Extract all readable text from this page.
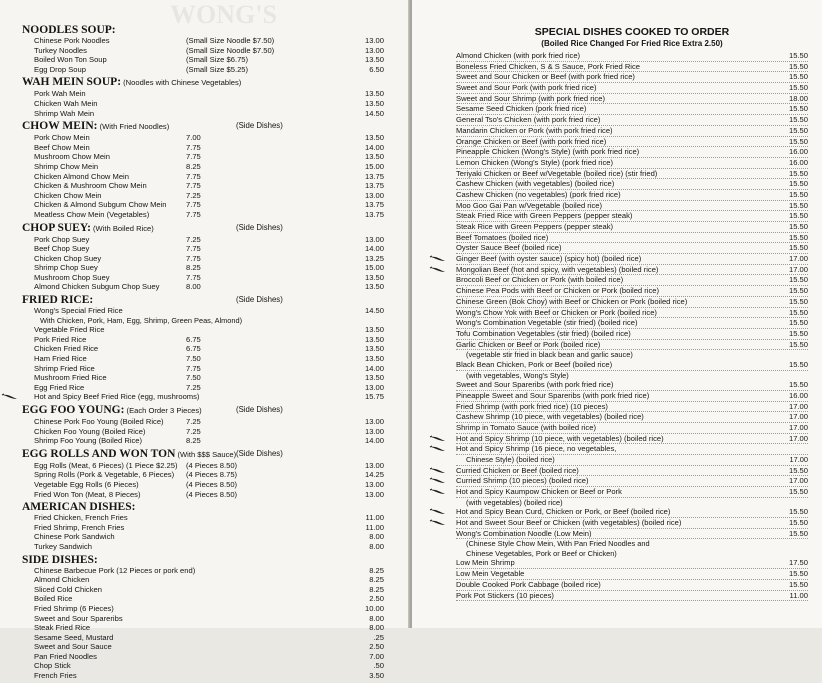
WONG'S
NOODLES SOUP:
Chinese Pork Noodles	(Small Size Noodle $7.50)	13.00
Turkey Noodles	(Small Size Noodle $7.50)	13.00
Boiled Won Ton Soup	(Small Size $6.75)	13.50
Egg Drop Soup	(Small Size $5.25)	6.50
WAH MEIN SOUP: (Noodles with Chinese Vegetables)
Pork Wah Mein	13.50
Chicken Wah Mein	13.50
Shrimp Wah Mein	14.50
CHOW MEIN: (With Fried Noodles)	(Side Dishes)
Pork Chow Mein	7.00	13.50
Beef Chow Mein	7.75	14.00
Mushroom Chow Mein	7.75	13.50
Shrimp Chow Mein	8.25	15.00
Chicken Almond Chow Mein	7.75	13.75
Chicken & Mushroom Chow Mein	7.75	13.75
Chicken Chow Mein	7.25	13.00
Chicken & Almond Subgum Chow Mein	7.75	13.75
Meatless Chow Mein (Vegetables)	7.75	13.75
CHOP SUEY: (With Boiled Rice)	(Side Dishes)
Pork Chop Suey	7.25	13.00
Beef Chop Suey	7.75	14.00
Chicken Chop Suey	7.75	13.25
Shrimp Chop Suey	8.25	15.00
Mushroom Chop Suey	7.75	13.50
Almond Chicken Subgum Chop Suey	8.00	13.50
FRIED RICE:	(Side Dishes)
Wong's Special Fried Rice	14.50
With Chicken, Pork, Ham, Egg, Shrimp, Green Peas, Almond)
Vegetable Fried Rice	13.50
Pork Fried Rice	6.75	13.50
Chicken Fried Rice	6.75	13.50
Ham Fried Rice	7.50	13.50
Shrimp Fried Rice	7.75	14.00
Mushroom Fried Rice	7.50	13.50
Egg Fried Rice	7.25	13.00
Hot and Spicy Beef Fried Rice (egg, mushrooms)	15.75
EGG FOO YOUNG: (Each Order 3 Pieces)	(Side Dishes)
Chinese Pork Foo Young (Boiled Rice)	7.25	13.00
Chicken Foo Young (Boiled Rice)	7.25	13.00
Shrimp Foo Young (Boiled Rice)	8.25	14.00
EGG ROLLS AND WON TON (With $$$ Sauce) (Side Dishes)
Egg Rolls (Meat, 6 Pieces) (1 Piece $2.25) (4 Pieces 8.50)	13.00
Spring Rolls (Pork & Vegetable, 6 Pieces) (4 Pieces 8.75)	14.25
Vegetable Egg Rolls (6 Pieces)	(4 Pieces 8.50)	13.00
Fried Won Ton (Meat, 8 Pieces)	(4 Pieces 8.50)	13.00
AMERICAN DISHES:
Fried Chicken, French Fries	11.00
Fried Shrimp, French Fries	11.00
Chinese Pork Sandwich	8.00
Turkey Sandwich	8.00
SIDE DISHES:
Chinese Barbecue Pork (12 Pieces or pork end)	8.25
Almond Chicken	8.25
Sliced Cold Chicken	8.25
Boiled Rice	2.50
Fried Shrimp (6 Pieces)	10.00
Sweet and Sour Spareribs	8.00
Steak Fried Rice	8.00
Sesame Seed, Mustard	.25
Sweet and Sour Sauce	2.50
Pan Fried Noodles	7.00
Chop Stick	.50
French Fries	3.50
SPECIAL DISHES COOKED TO ORDER
(Boiled Rice Changed For Fried Rice Extra 2.50)
Almond Chicken (with pork fried rice)	15.50
Boneless Fried Chicken, S & S Sauce, Pork Fried Rice	15.50
Sweet and Sour Chicken or Beef (with pork fried rice)	15.50
Sweet and Sour Pork (with pork fried rice)	15.50
Sweet and Sour Shrimp (with pork fried rice)	18.00
Sesame Seed Chicken (pork fried rice)	15.50
General Tso's Chicken (with pork fried rice)	15.50
Mandarin Chicken or Pork (with pork fried rice)	15.50
Orange Chicken or Beef (with pork fried rice)	15.50
Pineapple Chicken (Wong's Style) (with pork fried rice)	16.00
Lemon Chicken (Wong's Style) (pork fried rice)	16.00
Teriyaki Chicken or Beef w/Vegetable (boiled rice) (stir fried)	15.50
Cashew Chicken (with vegetables) (boiled rice)	15.50
Cashew Chicken (no vegetables) (pork fried rice)	15.50
Moo Goo Gai Pan w/Vegetable (boiled rice)	15.50
Steak Fried Rice with Green Peppers (pepper steak)	15.50
Steak Rice with Green Peppers (pepper steak)	15.50
Beef Tomatoes (boiled rice)	15.50
Oyster Sauce Beef (boiled rice)	15.50
Ginger Beef (with oyster sauce) (spicy hot) (boiled rice)	17.00
Mongolian Beef (hot and spicy, with vegetables) (boiled rice)	17.00
Broccoli Beef or Chicken or Pork (with boiled rice)	15.50
Chinese Pea Pods with Beef or Chicken or Pork (boiled rice)	15.50
Chinese Green (Bok Choy) with Beef or Chicken or Pork (boiled rice)	15.50
Wong's Chow Yok with Beef or Chicken or Pork (boiled rice)	15.50
Wong's Combination Vegetable (stir fried) (boiled rice)	15.50
Tofu Combination Vegetables (stir fried) (boiled rice)	15.50
Garlic Chicken or Beef or Pork (boiled rice)	15.50
(vegetable stir fried in black bean and garlic sauce)
Black Bean Chicken, Pork or Beef (boiled rice)	15.50
(with vegetables, Wong's Style)
Sweet and Sour Spareribs (with pork fried rice)	15.50
Pineapple Sweet and Sour Spareribs (with pork fried rice)	16.00
Fried Shrimp (with pork fried rice) (10 pieces)	17.00
Cashew Shrimp (10 piece, with vegetables) (boiled rice)	17.00
Shrimp in Tomato Sauce (with boiled rice)	17.00
Hot and Spicy Shrimp (10 piece, with vegetables) (boiled rice)	17.00
Hot and Spicy Shrimp (16 piece, no vegetables,
Chinese Style) (boiled rice)	17.00
Curried Chicken or Beef (boiled rice)	15.50
Curried Shrimp (10 pieces) (boiled rice)	17.00
Hot and Spicy Kaumpow Chicken or Beef or Pork	15.50
(with vegetables) (boiled rice)
Hot and Spicy Bean Curd, Chicken or Pork, or Beef (boiled rice)	15.50
Hot and Sweet Sour Beef or Chicken (with vegetables) (boiled rice)	15.50
Wong's Combination Noodle (Low Mein)	15.50
(Chinese Style Chow Mein, With Pan Fried Noodles and
Chinese Vegetables, Pork or Beef or Chicken)
Low Mein Shrimp	17.50
Low Mein Vegetable	15.50
Double Cooked Pork Cabbage (boiled rice)	15.50
Pork Pot Stickers (10 pieces)	11.00
